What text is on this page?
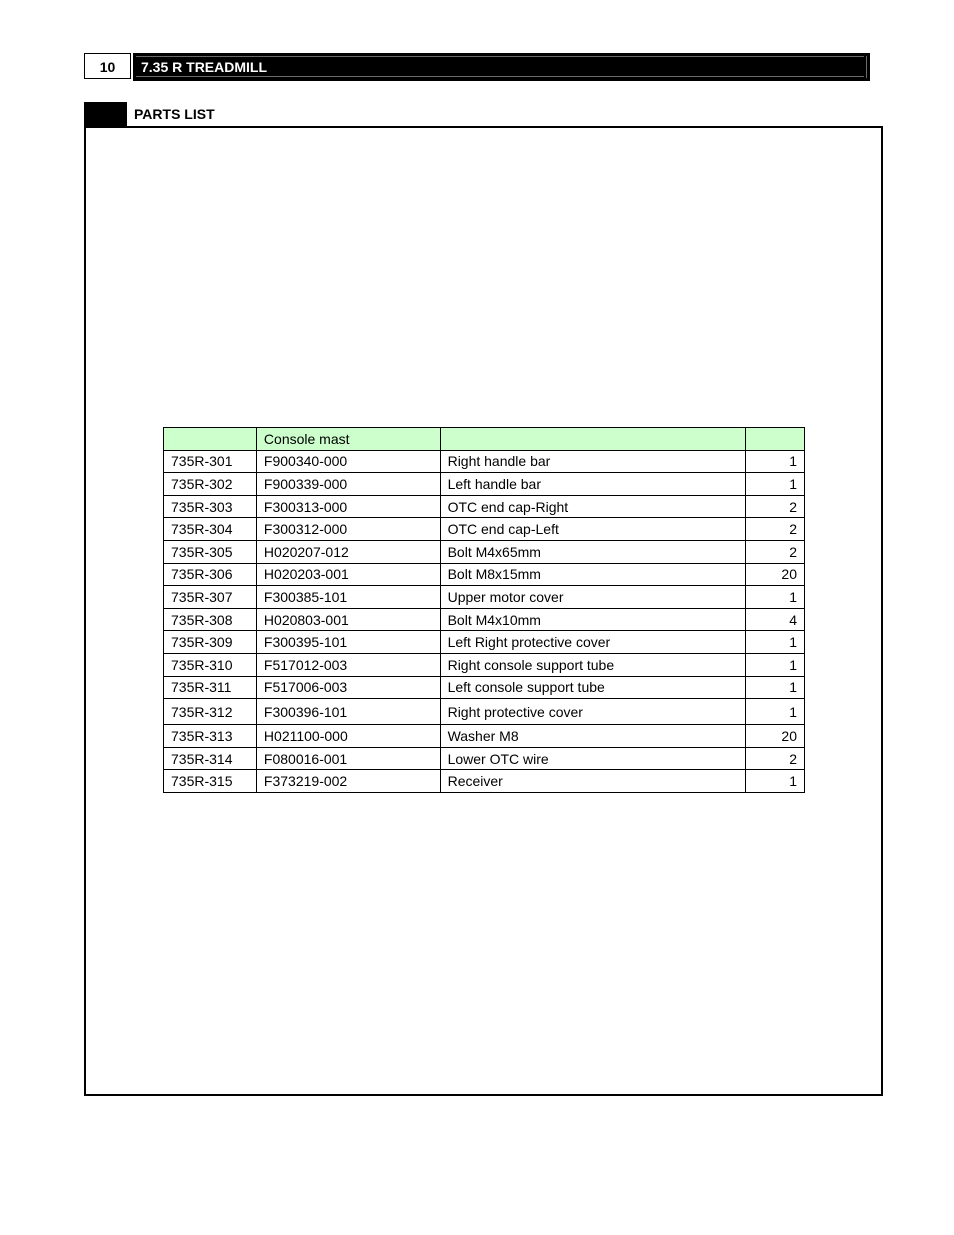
10	7.35 R TREADMILL
PARTS LIST
	Console mast		
735R-301	F900340-000	Right handle bar	1
735R-302	F900339-000	Left handle bar	1
735R-303	F300313-000	OTC end cap-Right	2
735R-304	F300312-000	OTC end cap-Left	2
735R-305	H020207-012	Bolt M4x65mm	2
735R-306	H020203-001	Bolt M8x15mm	20
735R-307	F300385-101	Upper motor cover	1
735R-308	H020803-001	Bolt M4x10mm	4
735R-309	F300395-101	Left Right protective cover	1
735R-310	F517012-003	Right console support tube	1
735R-311	F517006-003	Left console support tube	1
735R-312	F300396-101	Right protective cover	1
735R-313	H021100-000	Washer M8	20
735R-314	F080016-001	Lower OTC wire	2
735R-315	F373219-002	Receiver	1
